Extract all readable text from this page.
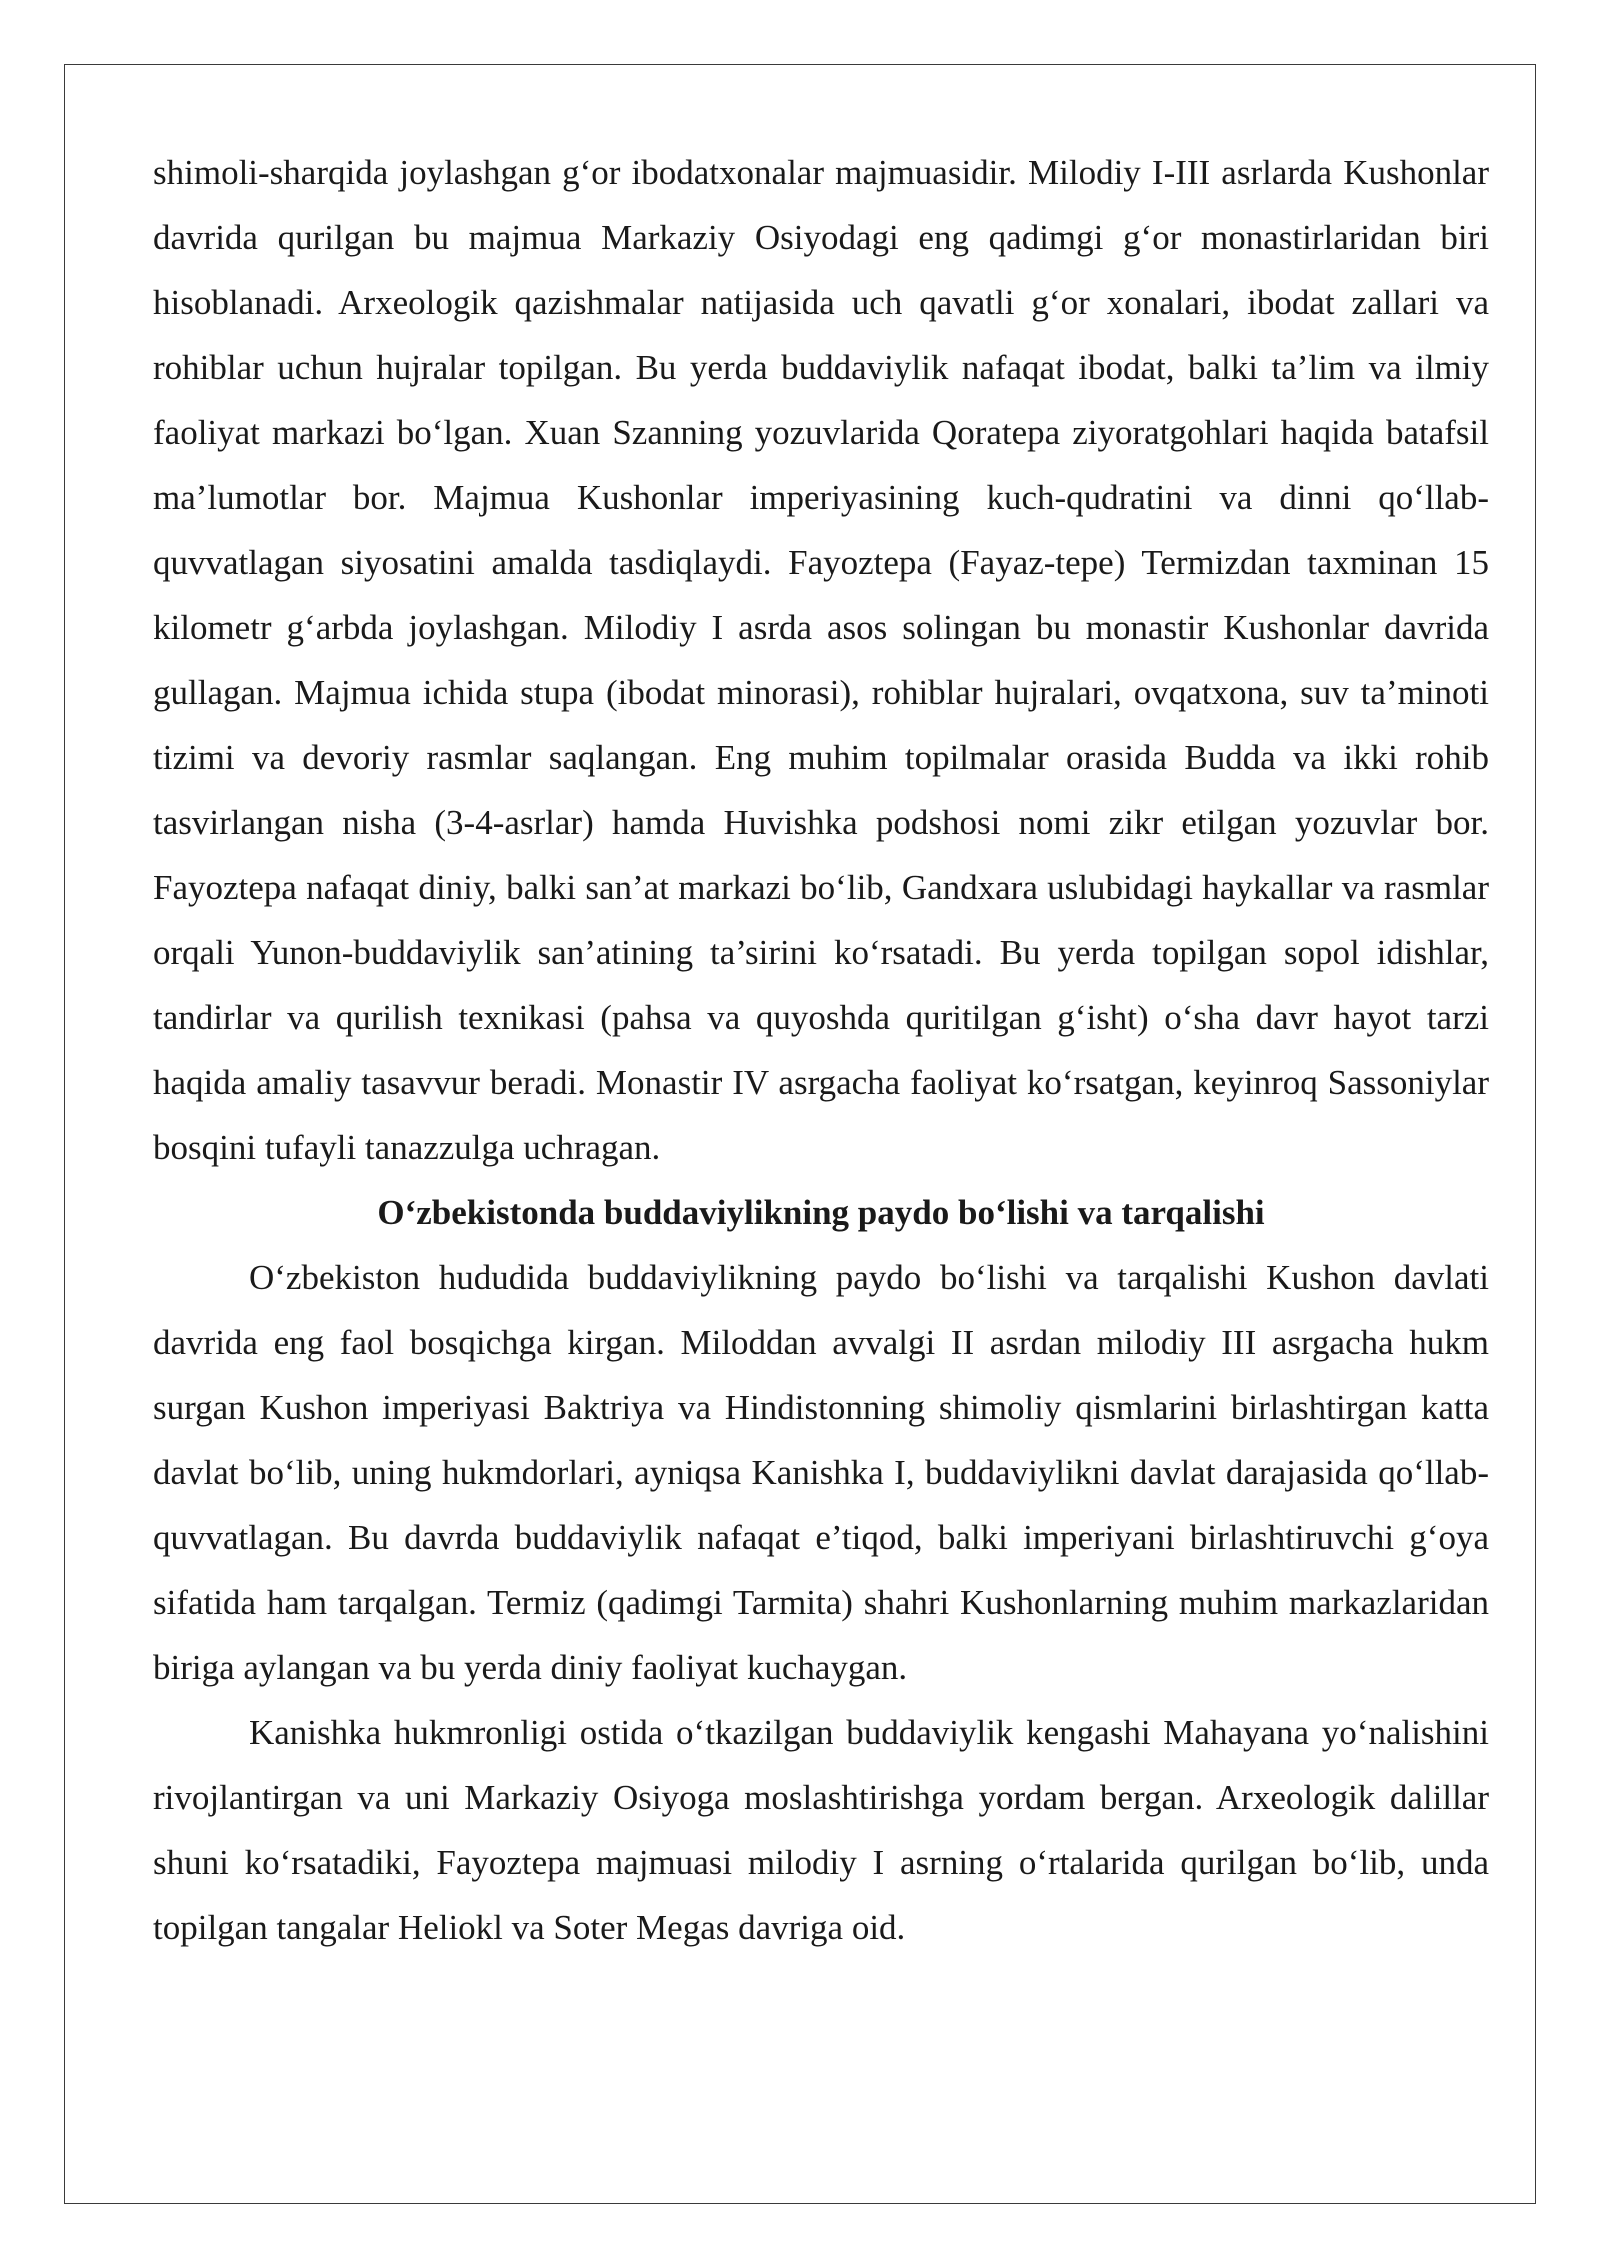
shimoli-sharqida joylashgan g‘or ibodatxonalar majmuasidir. Milodiy I-III asrlarda Kushonlar davrida qurilgan bu majmua Markaziy Osiyodagi eng qadimgi g‘or monastirlaridan biri hisoblanadi. Arxeologik qazishmalar natijasida uch qavatli g‘or xonalari, ibodat zallari va rohiblar uchun hujralar topilgan. Bu yerda buddaviylik nafaqat ibodat, balki ta’lim va ilmiy faoliyat markazi bo‘lgan. Xuan Szanning yozuvlarida Qoratepa ziyoratgohlari haqida batafsil ma’lumotlar bor. Majmua Kushonlar imperiyasining kuch-qudratini va dinni qo‘llab-quvvatlagan siyosatini amalda tasdiqlaydi. Fayoztepa (Fayaz-tepe) Termizdan taxminan 15 kilometr g‘arbda joylashgan. Milodiy I asrda asos solingan bu monastir Kushonlar davrida gullagan. Majmua ichida stupa (ibodat minorasi), rohiblar hujralari, ovqatxona, suv ta’minoti tizimi va devoriy rasmlar saqlangan. Eng muhim topilmalar orasida Budda va ikki rohib tasvirlangan nisha (3-4-asrlar) hamda Huvishka podshosi nomi zikr etilgan yozuvlar bor. Fayoztepa nafaqat diniy, balki san’at markazi bo‘lib, Gandxara uslubidagi haykallar va rasmlar orqali Yunon-buddaviylik san’atining ta’sirini ko‘rsatadi. Bu yerda topilgan sopol idishlar, tandirlar va qurilish texnikasi (pahsa va quyoshda quritilgan g‘isht) o‘sha davr hayot tarzi haqida amaliy tasavvur beradi. Monastir IV asrgacha faoliyat ko‘rsatgan, keyinroq Sassoniylar bosqini tufayli tanazzulga uchragan.

O‘zbekistonda buddaviylikning paydo bo‘lishi va tarqalishi

O‘zbekiston hududida buddaviylikning paydo bo‘lishi va tarqalishi Kushon davlati davrida eng faol bosqichga kirgan. Miloddan avvalgi II asrdan milodiy III asrgacha hukm surgan Kushon imperiyasi Baktriya va Hindistonning shimoliy qismlarini birlashtirgan katta davlat bo‘lib, uning hukmdorlari, ayniqsa Kanishka I, buddaviylikni davlat darajasida qo‘llab-quvvatlagan. Bu davrda buddaviylik nafaqat e’tiqod, balki imperiyani birlashtiruvchi g‘oya sifatida ham tarqalgan. Termiz (qadimgi Tarmita) shahri Kushonlarning muhim markazlaridan biriga aylangan va bu yerda diniy faoliyat kuchaygan.

Kanishka hukmronligi ostida o‘tkazilgan buddaviylik kengashi Mahayana yo‘nalishini rivojlantirgan va uni Markaziy Osiyoga moslashtirishga yordam bergan. Arxeologik dalillar shuni ko‘rsatadiki, Fayoztepa majmuasi milodiy I asrning o‘rtalarida qurilgan bo‘lib, unda topilgan tangalar Heliokl va Soter Megas davriga oid.
